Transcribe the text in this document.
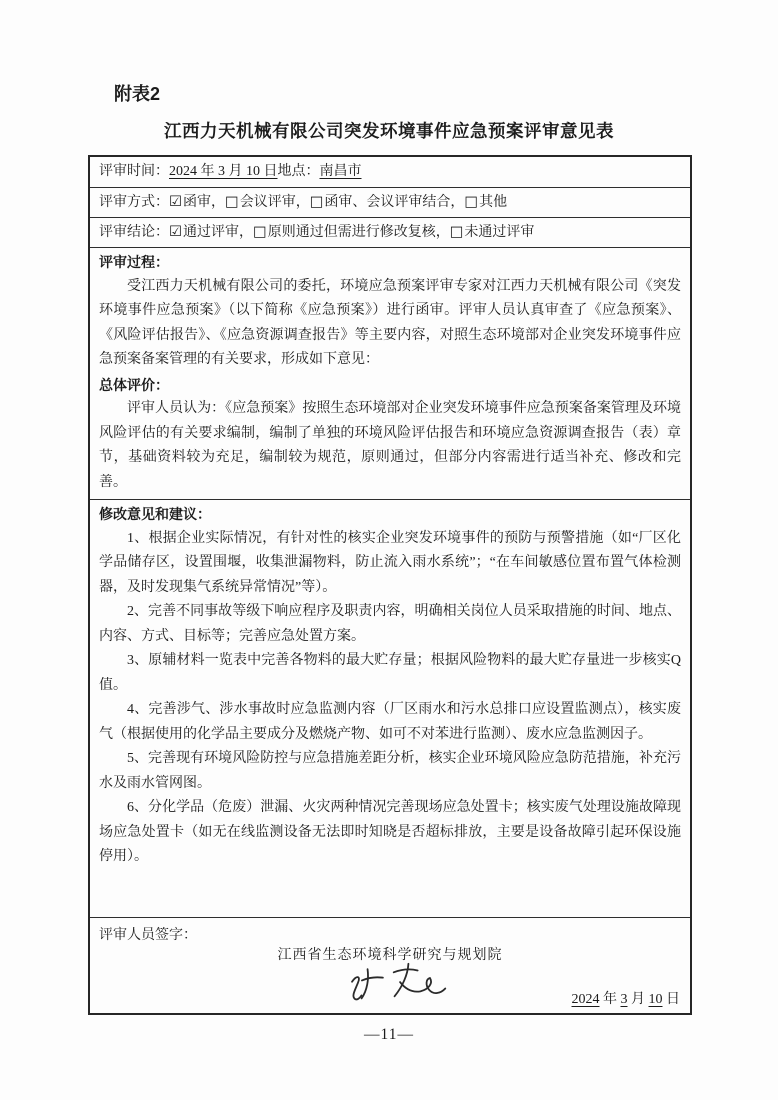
附表2
江西力天机械有限公司突发环境事件应急预案评审意见表
评审时间：2024 年 3 月 10 日地点：南昌市
评审方式：☑函审，□会议评审，□函审、会议评审结合，□其他
评审结论：☑通过评审，□原则通过但需进行修改复核，□未通过评审
评审过程：

受江西力天机械有限公司的委托，环境应急预案评审专家对江西力天机械有限公司《突发环境事件应急预案》（以下简称《应急预案》）进行函审。评审人员认真审查了《应急预案》、《风险评估报告》、《应急资源调查报告》等主要内容，对照生态环境部对企业突发环境事件应急预案备案管理的有关要求，形成如下意见：

总体评价：

评审人员认为：《应急预案》按照生态环境部对企业突发环境事件应急预案备案管理及环境风险评估的有关要求编制，编制了单独的环境风险评估报告和环境应急资源调查报告（表）章节，基础资料较为充足，编制较为规范，原则通过，但部分内容需进行适当补充、修改和完善。

修改意见和建议：

1、根据企业实际情况，有针对性的核实企业突发环境事件的预防与预警措施（如“厂区化学品储存区，设置围堰，收集泄漏物料，防止流入雨水系统”；“在车间敏感位置布置气体检测器，及时发现集气系统异常情况”等）。

2、完善不同事故等级下响应程序及职责内容，明确相关岗位人员采取措施的时间、地点、内容、方式、目标等；完善应急处置方案。

3、原辅材料一览表中完善各物料的最大贮存量；根据风险物料的最大贮存量进一步核实Q值。

4、完善涉气、涉水事故时应急监测内容（厂区雨水和污水总排口应设置监测点），核实废气（根据使用的化学品主要成分及燃烧产物、如可不对苯进行监测）、废水应急监测因子。

5、完善现有环境风险防控与应急措施差距分析，核实企业环境风险应急防范措施，补充污水及雨水管网图。

6、分化学品（危废）泄漏、火灾两种情况完善现场应急处置卡；核实废气处理设施故障现场应急处置卡（如无在线监测设备无法即时知晓是否超标排放，主要是设备故障引起环保设施停用）。

评审人员签字：
江西省生态环境科学研究与规划院
2024 年 3 月 10 日
—11—
